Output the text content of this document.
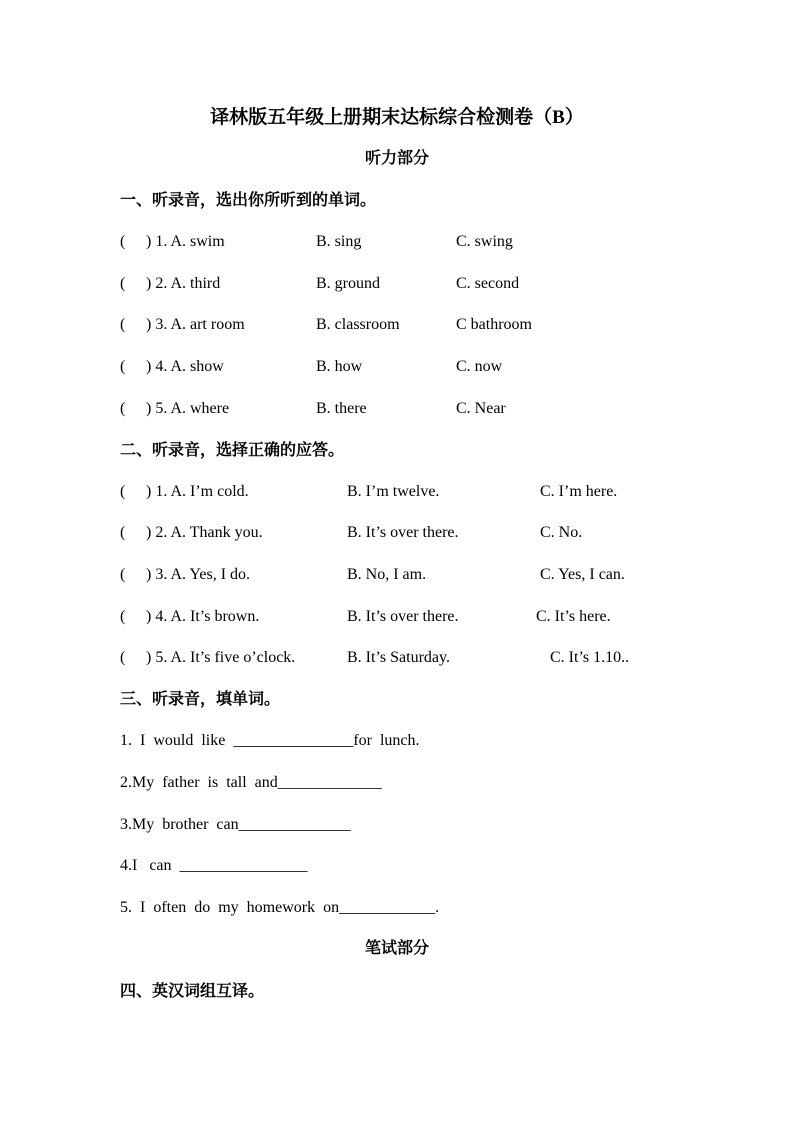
译林版五年级上册期末达标综合检测卷（B）
听力部分
一、听录音，选出你所听到的单词。
( ) 1. A. swim	B. sing	C. swing
( ) 2. A. third	B. ground	C. second
( ) 3. A. art room	B. classroom	C bathroom
( ) 4. A. show	B. how	C. now
( ) 5. A. where	B. there	C. Near
二、听录音，选择正确的应答。
( ) 1. A. I’m cold.	B. I’m twelve.	C. I’m here.
( ) 2. A. Thank you.	B. It’s over there.	C. No.
( ) 3. A. Yes, I do.	B. No, I am.	C. Yes, I can.
( ) 4. A. It’s brown.	B. It’s over there.	C. It’s here.
( ) 5. A. It’s five o’clock.	B. It’s Saturday.	C. It’s 1.10..
三、听录音，填单词。
1.  I  would  like  _______________for  lunch.
2.My  father  is  tall  and_____________
3.My  brother  can______________
4.I   can  ________________
5.  I  often  do  my  homework  on____________.
笔试部分
四、英汉词组互译。
